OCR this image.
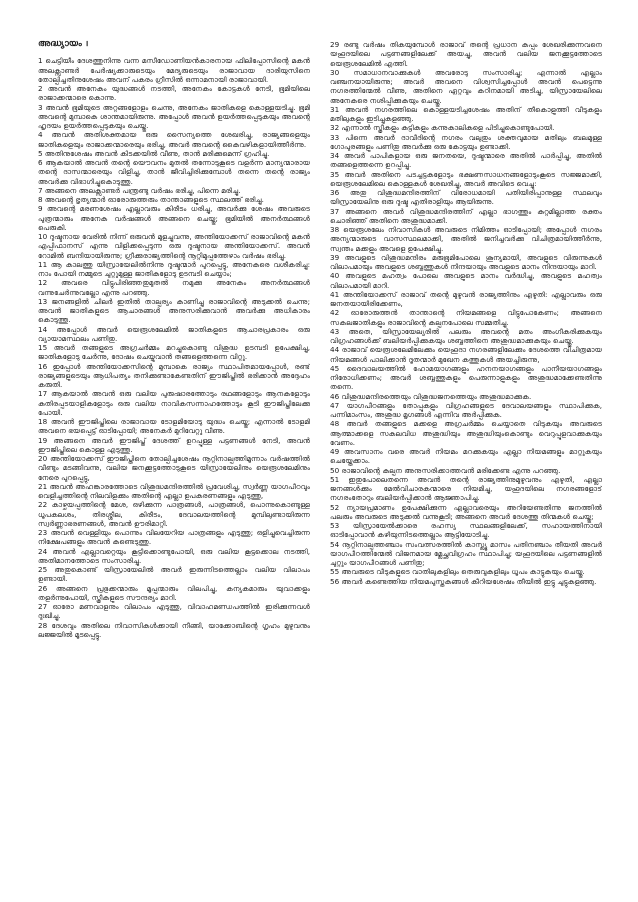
അദ്ധ്യായം ।

1 ചെട്ടിയീം ദേശത്തുനിന്നു വന്ന മസീഡോണിയൻകാരനായ ഫിലിപ്പോസിന്റെ മകൻ അലക്സാണ്ടർ പേർഷ്യക്കാരുടെയും മേദ്യരുടെയും രാജാവായ ദാരിയുസിനെ തോല്പിച്ചതിനുശേഷം അവന് പകരം ഗ്രീസിൽ ഒന്നാമനായി രാജാവായി.

2 അവൻ അനേകം യുദ്ധങ്ങൾ നടത്തി, അനേകം കോട്ടകൾ നേടി, ഭൂമിയിലെ രാജാക്കന്മാരെ കൊന്നു.

3 അവൻ ഭൂമിയുടെ അറ്റങ്ങളോളം ചെന്നു, അനേകം ജാതികളെ കൊള്ളയടിച്ചു. ഭൂമി അവന്റെ മുമ്പാകെ ശാന്തമായിരുന്നു. അപ്പോൾ അവൻ ഉയർത്തപ്പെടുകയും അവന്റെ ഹൃദയം ഉയർത്തപ്പെടുകയും ചെയ്തു.

4 അവൻ അതിശക്തമായ ഒരു സൈന്യത്തെ ശേഖരിച്ചു, രാജ്യങ്ങളെയും ജാതികളെയും രാജാക്കന്മാരെയും ഭരിച്ചു, അവർ അവന്റെ കൈവഴികളായിത്തീർന്നു.

5 അതിനുശേഷം അവൻ കിടക്കയിൽ വീണു, താൻ മരിക്കുമെന്ന് ഗ്രഹിച്ചു.

6 ആകയാൽ അവൻ തന്റെ യൌവനം മുതൽ തന്നോടുകൂടെ വളർന്ന മാന്യന്മാരായ തന്റെ ദാസന്മാരെയും വിളിച്ചു, താൻ ജീവിച്ചിരിക്കുമ്പോൾ തന്നെ തന്റെ രാജ്യം അവർക്കു വിഭാഗിച്ചുകൊടുത്തു.

7 അങ്ങനെ അലക്സാണ്ടർ പന്ത്രണ്ടു വർഷം ഭരിച്ചു, പിന്നെ മരിച്ചു.

8 അവന്റെ ഭൃത്യന്മാർ ഓരോരുത്തരും താന്താങ്ങളുടെ സ്ഥലത്ത് ഭരിച്ചു.

9 അവന്റെ മരണശേഷം എല്ലാവരും കിരീടം ധരിച്ചു, അവർക്കു ശേഷം അവരുടെ പുത്രന്മാരും അനേക വർഷങ്ങൾ അങ്ങനെ ചെയ്തു; ഭൂമിയിൽ അനർത്ഥങ്ങൾ പെരുകി.

10 ദുഷ്ടനായ വേരിൽ നിന്ന് ഒരുവൻ മുളച്ചുവന്നു, അന്തിയോക്കസ് രാജാവിന്റെ മകൻ എപ്പിഫാനസ് എന്നു വിളിക്കപ്പെടുന്ന ഒരു ദുഷ്ടനായ അന്തിയോക്കസ്. അവൻ റോമിൽ ബന്ദിയായിരുന്നു; ഗ്രീക്കുരാജ്യത്തിന്റെ നൂറ്റിമുപ്പത്തേഴാം വർഷം ഭരിച്ചു.

11 ആ കാലത്തു യിസ്രായേലിൽനിന്നു ദുഷ്ടന്മാർ പുറപ്പെട്ടു, അനേകരെ വശീകരിച്ചു: നാം പോയി നമ്മുടെ ചുറ്റുമുള്ള ജാതികളോടു ഉടമ്പടി ചെയ്യാം;

12 അവരെ വിട്ടുപിരിഞ്ഞതുമുതൽ നമുക്കു അനേകം അനർത്ഥങ്ങൾ വന്നുചേർന്നുവല്ലോ എന്നു പറഞ്ഞു.

13 ജനങ്ങളിൽ ചിലർ ഇതിൽ താല്പര്യം കാണിച്ചു രാജാവിന്റെ അടുക്കൽ ചെന്നു; അവൻ ജാതികളുടെ ആചാരങ്ങൾ അനുസരിക്കുവാൻ അവർക്കു അധികാരം കൊടുത്തു.

14 അപ്പോൾ അവർ യെരൂശലേമിൽ ജാതികളുടെ ആചാരപ്രകാരം ഒരു വ്യായാമസ്ഥലം പണിതു.

15 അവർ തങ്ങളുടെ അഗ്രചർമ്മം മറച്ചുകൊണ്ടു വിശുദ്ധ ഉടമ്പടി ഉപേക്ഷിച്ചു, ജാതികളോടു ചേർന്നു, ദോഷം ചെയ്യുവാൻ തങ്ങളെത്തന്നെ വിറ്റു.

16 ഇപ്പോൾ അന്തിയോക്കസിന്റെ മുമ്പാകെ രാജ്യം സ്ഥാപിതമായപ്പോൾ, രണ്ട് രാജ്യങ്ങളുടെയും ആധിപത്യം തനിക്കുണ്ടാകേണ്ടതിന് ഈജിപ്തിൽ ഭരിക്കാൻ അദ്ദേഹം കരുതി.

17 ആകയാൽ അവൻ ഒരു വലിയ പുരുഷാരത്തോടും രഥങ്ങളോടും ആനകളോടും കുതിരപ്പടയാളികളോടും ഒരു വലിയ നാവികസന്നാഹത്തോടും കൂടി ഈജിപ്തിലേക്കു പോയി.

18 അവൻ ഈജിപ്തിലെ രാജാവായ ടോളമിയോടു യുദ്ധം ചെയ്തു; എന്നാൽ ടോളമി അവനെ ഭയപ്പെട്ട് ഓടിപ്പോയി; അനേകർ മുറിവേറ്റു വീണു.

19 അങ്ങനെ അവർ ഈജിപ്ത് ദേശത്ത് ഉറപ്പുള്ള പട്ടണങ്ങൾ നേടി, അവൻ ഈജിപ്തിലെ കൊള്ള എടുത്തു.

20 അന്തിയോക്കസ് ഈജിപ്തിനെ തോല്പിച്ചശേഷം നൂറ്റിനാല്പത്തിമൂന്നാം വർഷത്തിൽ വീണ്ടും മടങ്ങിവന്നു, വലിയ ജനക്കൂട്ടത്തോടുകൂടെ യിസ്രായേലിനും യെരൂശലേമിനും നേരെ പുറപ്പെട്ടു,

21 അവൻ അഹങ്കാരത്തോടെ വിശുദ്ധമന്ദിരത്തിൽ പ്രവേശിച്ചു, സ്വർണ്ണ യാഗപീഠവും വെളിച്ചത്തിന്റെ നിലവിളക്കും അതിന്റെ എല്ലാ ഉപകരണങ്ങളും എടുത്തു,

22 കാഴ്ചയപ്പത്തിന്റെ മേശ, ഒഴിക്കുന്ന പാത്രങ്ങൾ, പാത്രങ്ങൾ, പൊന്നുകൊണ്ടുള്ള ധൂപകലശം, തിരശ്ശീല, കിരീടം, ദേവാലയത്തിന്റെ മുമ്പിലുണ്ടായിരുന്ന സ്വർണ്ണാഭരണങ്ങൾ, അവൻ ഊരിമാറ്റി.

23 അവൻ വെള്ളിയും പൊന്നും വിലയേറിയ പാത്രങ്ങളും എടുത്തു; ഒളിച്ചുവെച്ചിരുന്ന നിക്ഷേപങ്ങളും അവൻ കണ്ടെടുത്തു.

24 അവൻ എല്ലാവറ്റെയും കൂട്ടിക്കൊണ്ടുപോയി, ഒരു വലിയ കൂട്ടക്കൊല നടത്തി, അതിമാനത്തോടെ സംസാരിച്ചു.

25 അതുകൊണ്ട് യിസ്രായേലിൽ അവർ ഇരുന്നിടത്തെല്ലാം വലിയ വിലാപം ഉണ്ടായി.

26 അങ്ങനെ പ്രഭുക്കന്മാരും മൂപ്പന്മാരും വിലപിച്ചു, കന്യകമാരും യുവാക്കളും തളർന്നുപോയി, സ്ത്രീകളുടെ സൗന്ദര്യം മാറി.

27 ഓരോ മണവാളനും വിലാപം എടുത്തു, വിവാഹമണ്ഡപത്തിൽ ഇരിക്കുന്നവൾ ദുഃഖിച്ചു.

28 ദേശവും അതിലെ നിവാസികൾക്കായി നീങ്ങി, യാക്കോബിന്റെ ഗൃഹം മുഴുവനും ലജ്ജയിൽ മൂടപ്പെട്ടു.

29 രണ്ടു വർഷം തികയുമ്പോൾ രാജാവ് തന്റെ പ്രധാന കപ്പം ശേഖരിക്കുന്നവനെ യഹൂദയിലെ പട്ടണങ്ങളിലേക്ക് അയച്ചു, അവൻ വലിയ ജനക്കൂട്ടത്തോടെ യെരൂശലേമിൽ എത്തി.

30 സമാധാനവാക്കുകൾ അവരോടു സംസാരിച്ചു; എന്നാൽ എല്ലാം വഞ്ചനയായിരുന്നു; അവർ അവനെ വിശ്വസിച്ചപ്പോൾ അവൻ പെട്ടെന്നു നഗരത്തിന്മേൽ വീണു, അതിനെ ഏറ്റവും കഠിനമായി അടിച്ചു, യിസ്രായേലിലെ അനേകരെ നശിപ്പിക്കുകയും ചെയ്തു.

31 അവൻ നഗരത്തിലെ കൊള്ളയടിച്ചശേഷം അതിന് തീകൊളുത്തി വീടുകളും മതിലുകളും ഇടിച്ചുകളഞ്ഞു.

32 എന്നാൽ സ്ത്രീകളും കുട്ടികളും കന്നുകാലികളെ പിടിച്ചുകൊണ്ടുപോയി.

33 പിന്നെ അവർ ദാവീദിന്റെ നഗരം വലുതും ശക്തവുമായ മതിലും ബലമുള്ള ഗോപുരങ്ങളും പണിതു അവർക്കു ഒരു കോട്ടയും ഉണ്ടാക്കി.

34 അവർ പാപികളായ ഒരു ജനതയെ, ദുഷ്ടന്മാരെ അതിൽ പാർപ്പിച്ചു, അതിൽ തങ്ങളെത്തന്നെ ഉറപ്പിച്ചു.

35 അവർ അതിനെ പടച്ചട്ടകളോടും ഭക്ഷണസാധനങ്ങളോടുംകൂടെ സജ്ജമാക്കി, യെരൂശലേമിലെ കൊള്ളകൾ ശേഖരിച്ചു, അവർ അവിടെ വെച്ചു:

36 അതു വിശുദ്ധമന്ദിരത്തിന് വിരോധമായി പതിയിരിപ്പാനുള്ള സ്ഥലവും യിസ്രായേലിനു ഒരു ദുഷ്ട എതിരാളിയും ആയിരുന്നു.

37 അങ്ങനെ അവർ വിശുദ്ധമന്ദിരത്തിന് എല്ലാ ഭാഗത്തും കുറ്റമില്ലാത്ത രക്തം ചൊരിഞ്ഞ് അതിനെ അശുദ്ധമാക്കി.

38 യെരൂശലേം നിവാസികൾ അവരുടെ നിമിത്തം ഓടിപ്പോയി; അപ്പോൾ നഗരം അന്യന്മാരുടെ വാസസ്ഥലമാക്കി, അതിൽ ജനിച്ചവർക്കു വിചിത്രമായിത്തീർന്നു, സ്വന്തം മക്കളും അവളെ ഉപേക്ഷിച്ചു.

39 അവളുടെ വിശുദ്ധമന്ദിരം മരുഭൂമിപോലെ ശൂന്യമായി, അവളുടെ വിരുന്നുകൾ വിലാപമായും അവളുടെ ശബ്ബത്തുകൾ നിന്ദയായും അവളുടെ മാനം നിന്ദയായും മാറി.

40 അവളുടെ മഹത്വം പോലെ അവളുടെ മാനം വർദ്ധിച്ചു, അവളുടെ മഹത്വം വിലാപമായി മാറി.

41 അന്തിയോക്കസ് രാജാവ് തന്റെ മുഴുവൻ രാജ്യത്തിനും എഴുതി: എല്ലാവരും ഒരു ജനതയായിരിക്കേണം,

42 ഓരോരുത്തൻ താന്താന്റെ നിയമങ്ങളെ വിട്ടുപോകേണം; അങ്ങനെ സകലജാതികളും രാജാവിന്റെ കല്പനപോലെ സമ്മതിച്ചു.

43 അതെ, യിസ്രായേല്യരിൽ പലരും അവന്റെ മതം അംഗീകരിക്കുകയും വിഗ്രഹങ്ങൾക്ക് ബലിയർപ്പിക്കുകയും ശബ്ബത്തിനെ അശുദ്ധമാക്കുകയും ചെയ്തു.

44 രാജാവ് യെരൂശലേമിലേക്കും യെഹൂദാ നഗരങ്ങളിലേക്കും ദേശത്തെ വിചിത്രമായ നിയമങ്ങൾ പാലിക്കാൻ ദൂതന്മാർ മുഖേന കത്തുകൾ അയച്ചിരുന്നു,

45 ദൈവാലയത്തിൽ ഹോമയാഗങ്ങളും ഹനനയാഗങ്ങളും പാനീയയാഗങ്ങളും നിരോധിക്കണം; അവർ ശബ്ബത്തുകളും പെരുന്നാളുകളും അശുദ്ധമാക്കേണ്ടതിന്നു തന്നെ.

46 വിശുദ്ധമന്ദിരത്തെയും വിശുദ്ധജനത്തെയും അശുദ്ധമാക്കുക.

47 യാഗപീഠങ്ങളും തോപ്പുകളും വിഗ്രഹങ്ങളുടെ ദേവാലയങ്ങളും സ്ഥാപിക്കുക, പന്നിമാംസം, അശുദ്ധ മൃഗങ്ങൾ എന്നിവ അർപ്പിക്കുക.

48 അവർ തങ്ങളുടെ മക്കളെ അഗ്രചർമ്മം ചെയ്യാതെ വിടുകയും അവരുടെ ആത്മാക്കളെ സകലവിധ അശുദ്ധിയും അശുദ്ധിയുംകൊണ്ടും വെറുപ്പുളവാക്കുകയും വേണം.

49 അവസാനം വരെ അവർ നിയമം മറക്കുകയും എല്ലാ നിയമങ്ങളും മാറ്റുകയും ചെയ്തേക്കാം.

50 രാജാവിന്റെ കല്പന അനുസരിക്കാത്തവൻ മരിക്കേണ്ട എന്നു പറഞ്ഞു.

51 ഇതുപോലെതന്നെ അവൻ തന്റെ രാജ്യത്തിനുമുഴുവനും എഴുതി, എല്ലാ ജനങ്ങൾക്കും മേൽവിചാരകന്മാരെ നിയമിച്ചു, യഹൂദയിലെ നഗരങ്ങളോട് നഗരംതോറും ബലിയർപ്പിക്കാൻ ആജ്ഞാപിച്ചു.

52 ന്യായപ്രമാണം ഉപേക്ഷിക്കുന്ന എല്ലാവരെയും അറിയേണ്ടതിന്നു ജനത്തിൽ പലരും അവരുടെ അടുക്കൽ വന്നുകൂടി; അങ്ങനെ അവർ ദേശത്തു തിന്മകൾ ചെയ്തു;

53 യിസ്രായേൽക്കാരെ രഹസ്യ സ്ഥലങ്ങളിലേക്ക്, സഹായത്തിനായി ഓടിപ്പോവാൻ കഴിയുന്നിടത്തെല്ലാം ആട്ടിയോടിച്ചു.

54 നൂറ്റിനാല്പത്തഞ്ചാം സംവത്സരത്തിൽ കാസ്ല്യൂ മാസം പതിനഞ്ചാം തീയതി അവർ യാഗപീഠത്തിന്മേൽ വിജനമായ മ്ലേച്ഛവിഗ്രഹം സ്ഥാപിച്ചു; യഹൂദയിലെ പട്ടണങ്ങളിൽ ചുറ്റും യാഗപീഠങ്ങൾ പണിതു;

55 അവരുടെ വീടുകളുടെ വാതിലുകളിലും തെരുവുകളിലും ധൂപം കാട്ടുകയും ചെയ്തു.

56 അവർ കണ്ടെത്തിയ നിയമപുസ്തകങ്ങൾ കീറിയശേഷം തീയിൽ ഇട്ടു ചുട്ടുകളഞ്ഞു.
